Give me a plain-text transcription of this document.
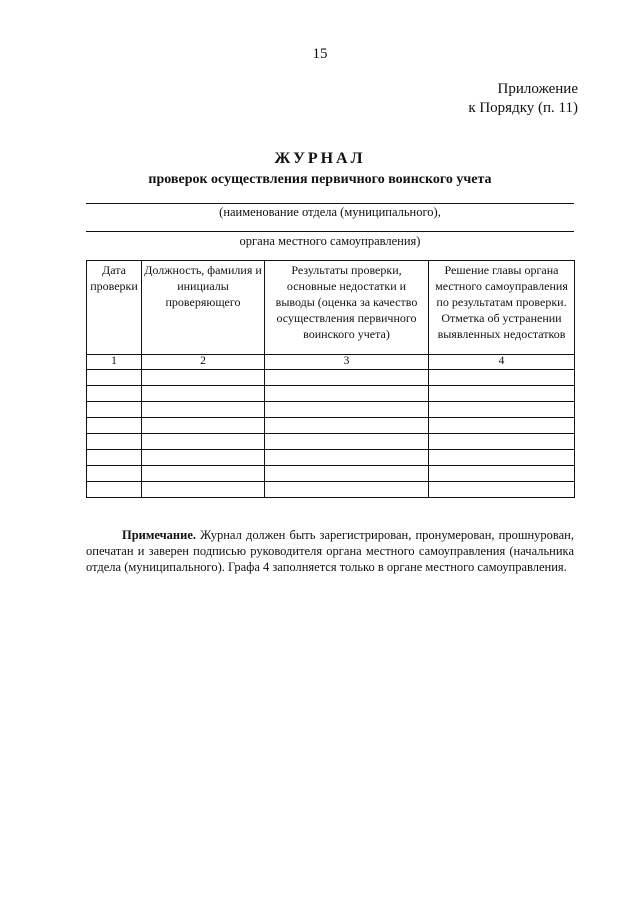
15
Приложение
к Порядку (п. 11)
ЖУРНАЛ
проверок осуществления первичного воинского учета
(наименование отдела (муниципального),
органа местного самоуправления)
Дата проверки	Должность, фамилия и инициалы проверяющего	Результаты проверки, основные недостатки и выводы (оценка за качество осуществления первичного воинского учета)	Решение главы органа местного самоуправления по результатам проверки. Отметка об устранении выявленных недостатков
1	2	3	4

Примечание. Журнал должен быть зарегистрирован, пронумерован, прошнурован, опечатан и заверен подписью руководителя органа местного самоуправления (начальника отдела (муниципального). Графа 4 заполняется только в органе местного самоуправления.
